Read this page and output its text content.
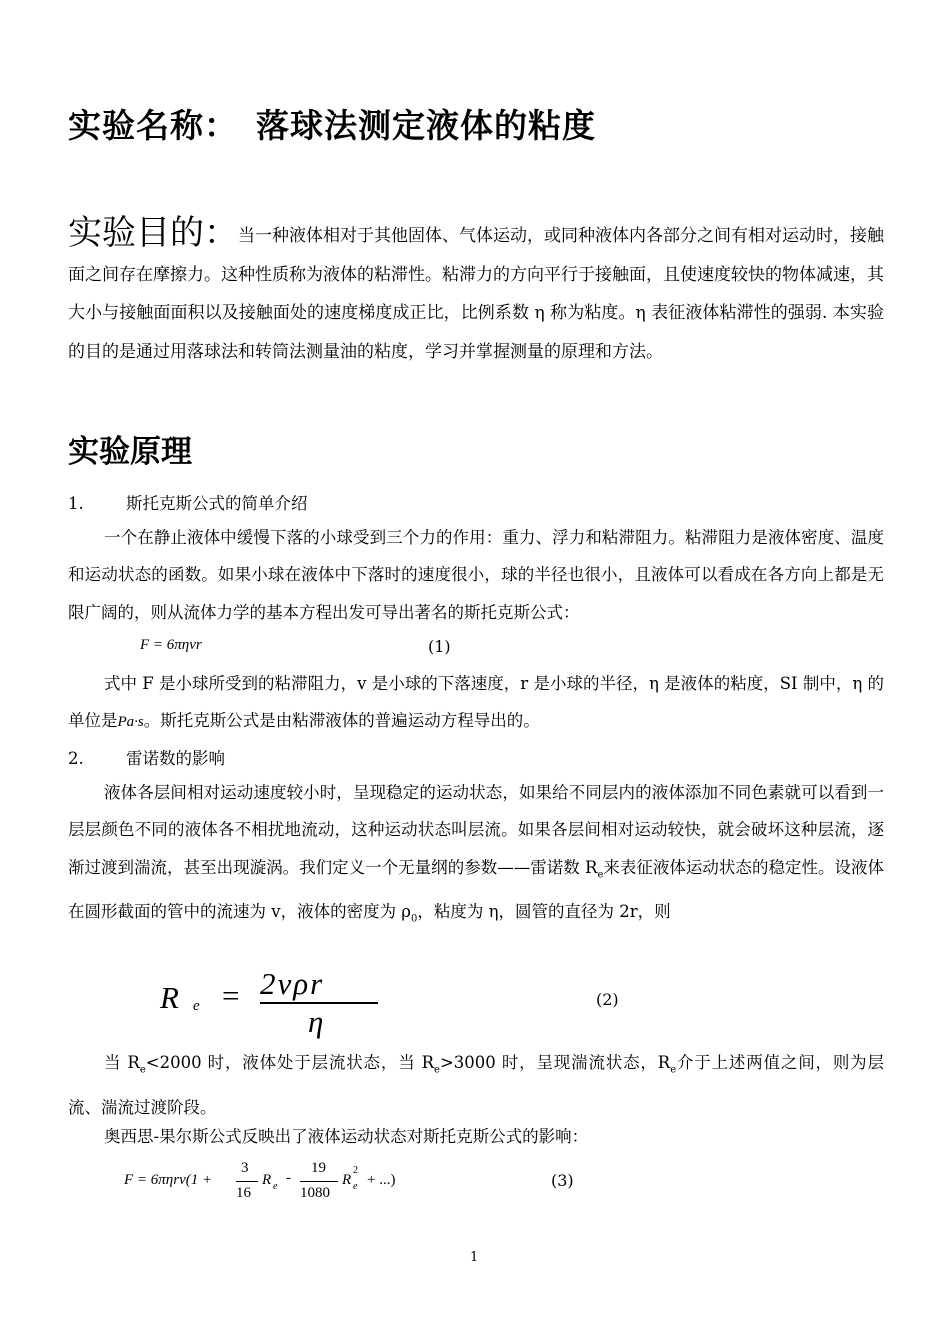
实验名称： 落球法测定液体的粘度
实验目的：当一种液体相对于其他固体、气体运动，或同种液体内各部分之间有相对运动时，接触面之间存在摩擦力。这种性质称为液体的粘滞性。粘滞力的方向平行于接触面，且使速度较快的物体减速，其大小与接触面面积以及接触面处的速度梯度成正比，比例系数 η 称为粘度。η 表征液体粘滞性的强弱. 本实验的目的是通过用落球法和转筒法测量油的粘度，学习并掌握测量的原理和方法。
实验原理
1.	斯托克斯公式的简单介绍
一个在静止液体中缓慢下落的小球受到三个力的作用：重力、浮力和粘滞阻力。粘滞阻力是液体密度、温度和运动状态的函数。如果小球在液体中下落时的速度很小，球的半径也很小，且液体可以看成在各方向上都是无限广阔的，则从流体力学的基本方程出发可导出著名的斯托克斯公式：
F = 6πηvr	(1)
式中 F 是小球所受到的粘滞阻力，v 是小球的下落速度，r 是小球的半径，η 是液体的粘度，SI 制中，η 的单位是Pa·s。斯托克斯公式是由粘滞液体的普遍运动方程导出的。
2.	雷诺数的影响
液体各层间相对运动速度较小时，呈现稳定的运动状态，如果给不同层内的液体添加不同色素就可以看到一层层颜色不同的液体各不相扰地流动，这种运动状态叫层流。如果各层间相对运动较快，就会破坏这种层流，逐渐过渡到湍流，甚至出现漩涡。我们定义一个无量纲的参数——雷诺数 $R_e$来表征液体运动状态的稳定性。设液体在圆形截面的管中的流速为 v，液体的密度为 $\rho_0$，粘度为 η，圆管的直径为 2r，则
R e = 2vρr
η
(2)
当 $R_e<2000$ 时，液体处于层流状态，当 $R_e>3000$ 时，呈现湍流状态，$R_e$介于上述两值之间，则为层流、湍流过渡阶段。
奥西思-果尔斯公式反映出了液体运动状态对斯托克斯公式的影响：
F = 6πηrv(1 +
3
16
R e
-
19
1080
R e
2
+ ...)	(3)
1
